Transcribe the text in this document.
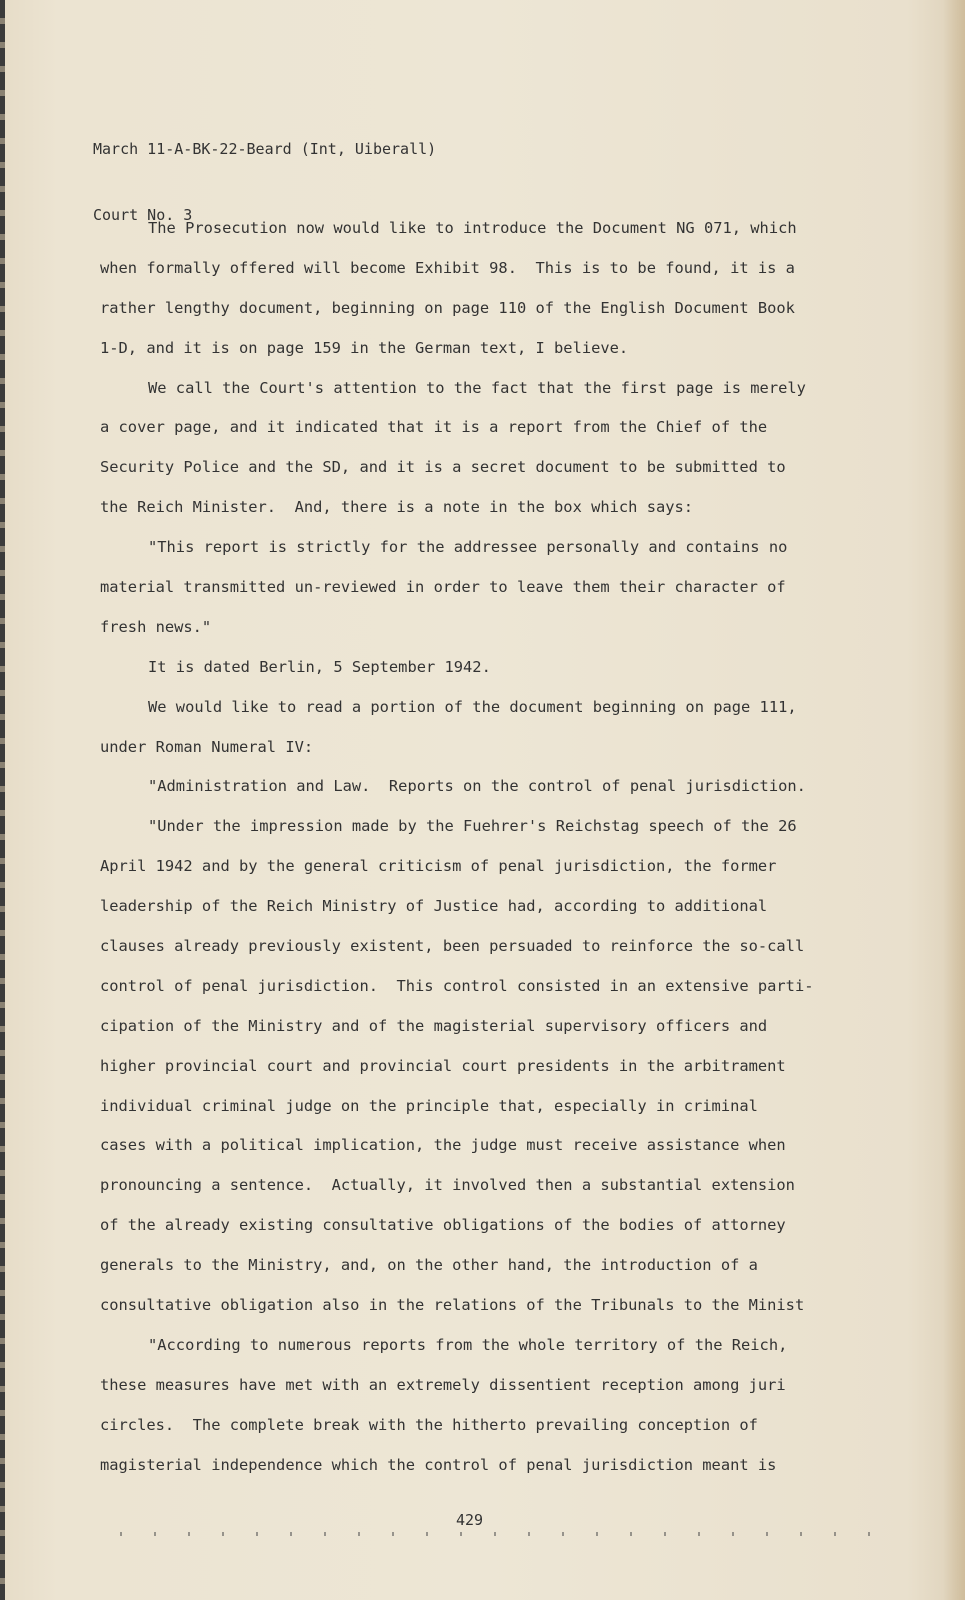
March 11-A-BK-22-Beard (Int, Uiberall)

Court No. 3

The Prosecution now would like to introduce the Document NG 071, which
when formally offered will become Exhibit 98.  This is to be found, it is a
rather lengthy document, beginning on page 110 of the English Document Book
1-D, and it is on page 159 in the German text, I believe.
We call the Court's attention to the fact that the first page is merely
a cover page, and it indicated that it is a report from the Chief of the
Security Police and the SD, and it is a secret document to be submitted to
the Reich Minister.  And, there is a note in the box which says:
"This report is strictly for the addressee personally and contains no
material transmitted un-reviewed in order to leave them their character of
fresh news."
It is dated Berlin, 5 September 1942.
We would like to read a portion of the document beginning on page 111,
under Roman Numeral IV:
"Administration and Law.  Reports on the control of penal jurisdiction.
"Under the impression made by the Fuehrer's Reichstag speech of the 26
April 1942 and by the general criticism of penal jurisdiction, the former
leadership of the Reich Ministry of Justice had, according to additional
clauses already previously existent, been persuaded to reinforce the so-call
control of penal jurisdiction.  This control consisted in an extensive parti-
cipation of the Ministry and of the magisterial supervisory officers and
higher provincial court and provincial court presidents in the arbitrament
individual criminal judge on the principle that, especially in criminal
cases with a political implication, the judge must receive assistance when
pronouncing a sentence.  Actually, it involved then a substantial extension
of the already existing consultative obligations of the bodies of attorney
generals to the Ministry, and, on the other hand, the introduction of a
consultative obligation also in the relations of the Tribunals to the Minist
"According to numerous reports from the whole territory of the Reich,
these measures have met with an extremely dissentient reception among juri
circles.  The complete break with the hitherto prevailing conception of
magisterial independence which the control of penal jurisdiction meant is
429
